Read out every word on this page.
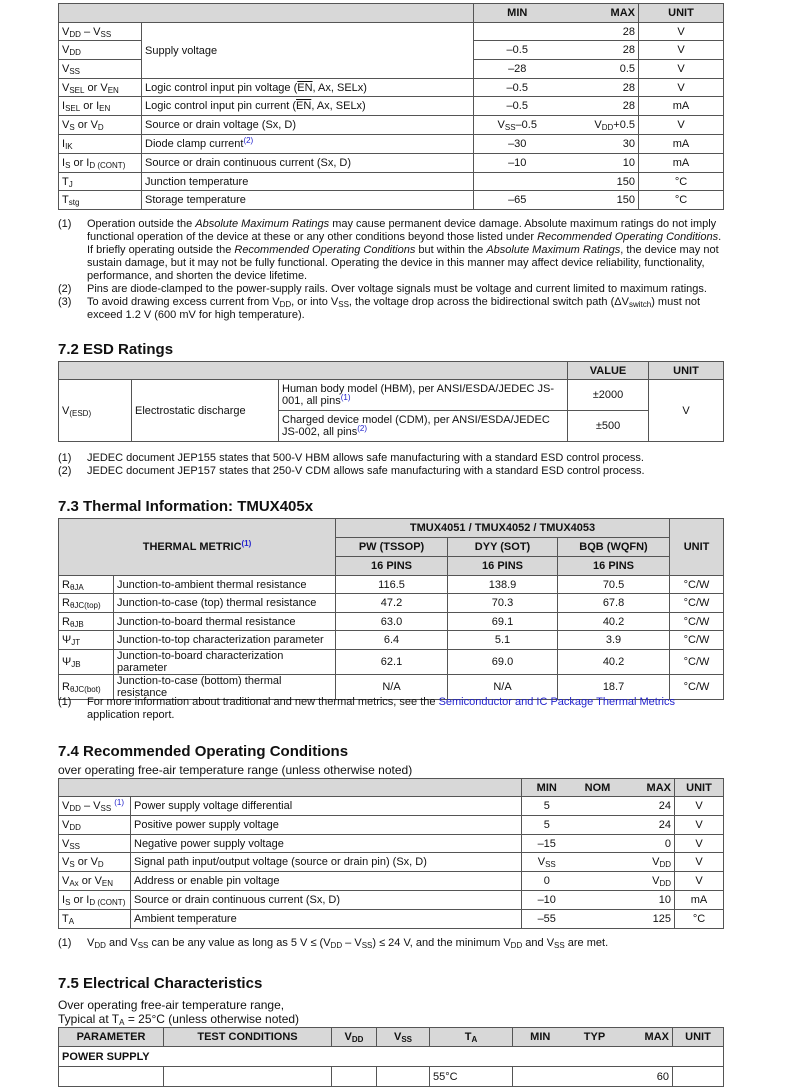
		MIN	MAX	UNIT
$V_{DD} - V_{SS}$	Supply voltage		28	V
$V_{DD}$		–0.5	28	V
$V_{SS}$		–28	0.5	V
$V_{SEL}$ or $V_{EN}$	Logic control input pin voltage ($\overline{EN}$, Ax, SELx)	–0.5	28	V
$I_{SEL}$ or $I_{EN}$	Logic control input pin current ($\overline{EN}$, Ax, SELx)	–0.5	28	mA
$V_S$ or $V_D$	Source or drain voltage (Sx, D)	$V_{SS}-0.5$	$V_{DD}+0.5$	V
$I_{IK}$	Diode clamp current$^{(2)}$	–30	30	mA
$I_S$ or $I_{D (CONT)}$	Source or drain continuous current (Sx, D)	–10	10	mA
$T_J$	Junction temperature		150	°C
$T_{stg}$	Storage temperature	–65	150	°C
(1)	Operation outside the Absolute Maximum Ratings may cause permanent device damage. Absolute maximum ratings do not imply functional operation of the device at these or any other conditions beyond those listed under Recommended Operating Conditions. If briefly operating outside the Recommended Operating Conditions but within the Absolute Maximum Ratings, the device may not sustain damage, but it may not be fully functional. Operating the device in this manner may affect device reliability, functionality, performance, and shorten the device lifetime.
(2)	Pins are diode-clamped to the power-supply rails. Over voltage signals must be voltage and current limited to maximum ratings.
(3)	To avoid drawing excess current from $V_{DD}$, or into $V_{SS}$, the voltage drop across the bidirectional switch path $(\Delta V_{switch})$ must not exceed 1.2 V (600 mV for high temperature).
7.2 ESD Ratings
			VALUE	UNIT
$V_{(ESD)}$	Electrostatic discharge	Human body model (HBM), per ANSI/ESDA/JEDEC JS-001, all pins$^{(1)}$	±2000	V
		Charged device model (CDM), per ANSI/ESDA/JEDEC JS-002, all pins$^{(2)}$	±500	
(1)	JEDEC document JEP155 states that 500-V HBM allows safe manufacturing with a standard ESD control process.
(2)	JEDEC document JEP157 states that 250-V CDM allows safe manufacturing with a standard ESD control process.
7.3 Thermal Information: TMUX405x
THERMAL METRIC$^{(1)}$		TMUX4051 / TMUX4052 / TMUX4053			UNIT
		PW (TSSOP)	DYY (SOT)	BQB (WQFN)	
		16 PINS	16 PINS	16 PINS	
$R_{\theta JA}$	Junction-to-ambient thermal resistance	116.5	138.9	70.5	°C/W
$R_{\theta JC(top)}$	Junction-to-case (top) thermal resistance	47.2	70.3	67.8	°C/W
$R_{\theta JB}$	Junction-to-board thermal resistance	63.0	69.1	40.2	°C/W
$\Psi_{JT}$	Junction-to-top characterization parameter	6.4	5.1	3.9	°C/W
$\Psi_{JB}$	Junction-to-board characterization parameter	62.1	69.0	40.2	°C/W
$R_{\theta JC(bot)}$	Junction-to-case (bottom) thermal resistance	N/A	N/A	18.7	°C/W
(1)	For more information about traditional and new thermal metrics, see the Semiconductor and IC Package Thermal Metrics application report.
7.4 Recommended Operating Conditions
over operating free-air temperature range (unless otherwise noted)
		MIN	NOM	MAX	UNIT
$V_{DD} - V_{SS}$ $^{(1)}$	Power supply voltage differential	5		24	V
$V_{DD}$	Positive power supply voltage	5		24	V
$V_{SS}$	Negative power supply voltage	–15		0	V
$V_S$ or $V_D$	Signal path input/output voltage (source or drain pin) (Sx, D)	$V_{SS}$		$V_{DD}$	V
$V_{Ax}$ or $V_{EN}$	Address or enable pin voltage	0		$V_{DD}$	V
$I_S$ or $I_{D (CONT)}$	Source or drain continuous current (Sx, D)	–10		10	mA
$T_A$	Ambient temperature	–55		125	°C
(1)	$V_{DD}$ and $V_{SS}$ can be any value as long as 5 $V \le (V_{DD} - V_{SS}) \le 24$ V, and the minimum $V_{DD}$ and $V_{SS}$ are met.
7.5 Electrical Characteristics
Over operating free-air temperature range,
Typical at $T_A = 25^\circ C$ (unless otherwise noted)
PARAMETER	TEST CONDITIONS	$V_{DD}$	$V_{SS}$	$T_A$	MIN	TYP	MAX	UNIT
POWER SUPPLY								
				55°C			60	
